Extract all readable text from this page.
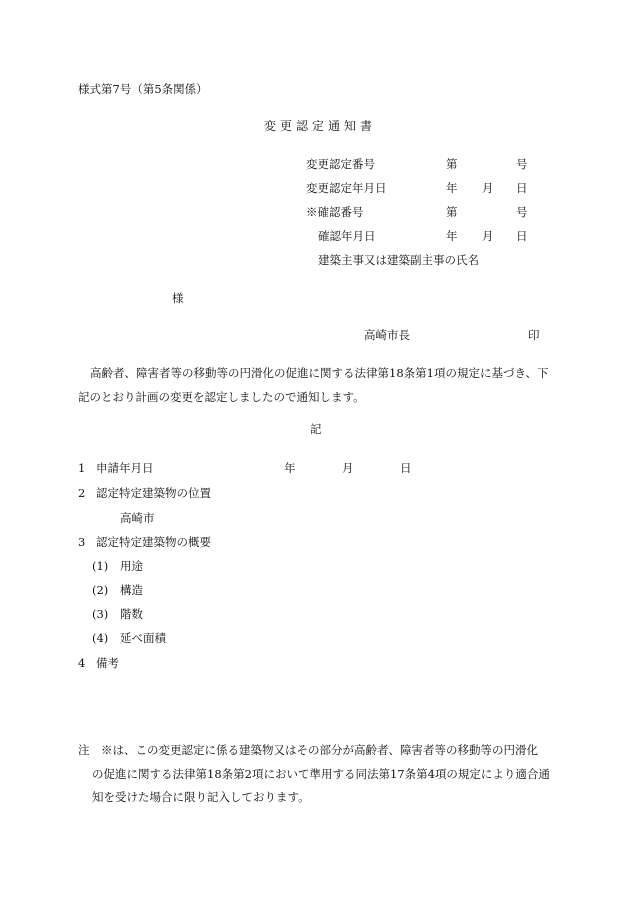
様式第7号（第5条関係）
変更認定通知書
変更認定番号	第	号
変更認定年月日	年 月 日
※確認番号	第	号
確認年月日	年 月 日
建築主事又は建築副主事の氏名
様
高崎市長	印
高齢者、障害者等の移動等の円滑化の促進に関する法律第18条第1項の規定に基づき、下記のとおり計画の変更を認定しましたので通知します。
記
1 申請年月日	年	月	日
2 認定特定建築物の位置
高崎市
3 認定特定建築物の概要
(1) 用途
(2) 構造
(3) 階数
(4) 延べ面積
4 備考
注　※は、この変更認定に係る建築物又はその部分が高齢者、障害者等の移動等の円滑化
の促進に関する法律第18条第2項において準用する同法第17条第4項の規定により適合通
知を受けた場合に限り記入しております。
